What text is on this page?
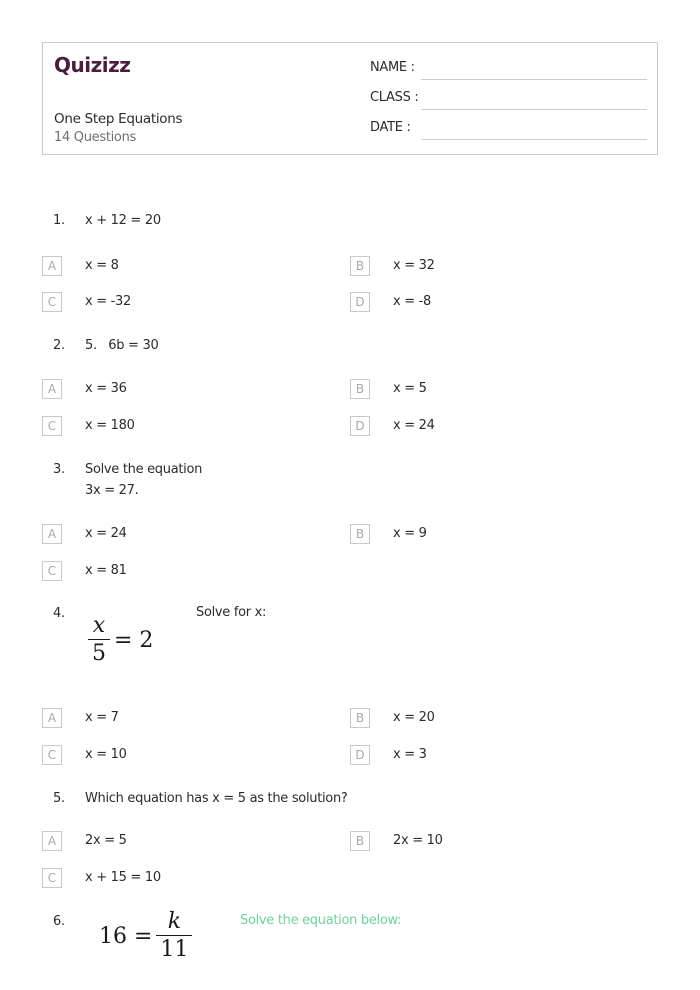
Quizizz
One Step Equations
14 Questions
NAME :
CLASS :
DATE :
1. x + 12 = 20
A	x = 8	B	x = 32
C	x = -32	D	x = -8
2. 5.   6b = 30
A	x = 36	B	x = 5
C	x = 180	D	x = 24
3. Solve the equation
3x = 27.
A	x = 24	B	x = 9
C	x = 81
4. $\frac{x}{5} = 2$
Solve for x:
A	x = 7	B	x = 20
C	x = 10	D	x = 3
5. Which equation has x = 5 as the solution?
A	2x = 5	B	2x = 10
C	x + 15 = 10
6.
$16 = \frac{k}{11}$	Solve the equation below:
